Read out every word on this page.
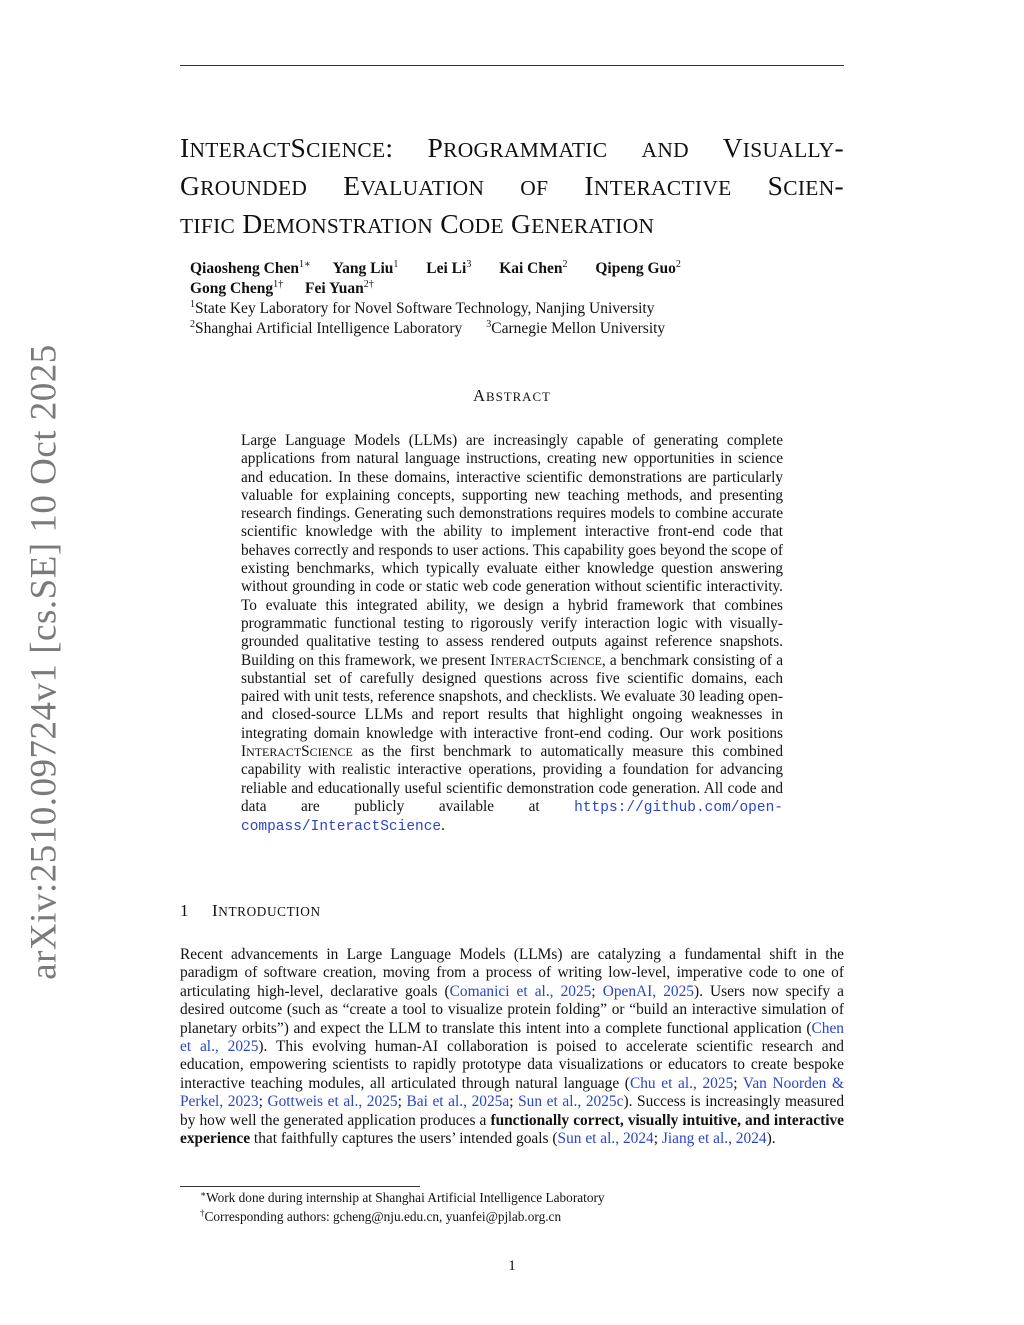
arXiv:2510.09724v1 [cs.SE] 10 Oct 2025
INTERACTSCIENCE: PROGRAMMATIC AND VISUALLY-
GROUNDED EVALUATION OF INTERACTIVE SCIEN-
TIFIC DEMONSTRATION CODE GENERATION
Qiaosheng Chen$^{1∗}$ Yang Liu$^1$ Lei Li$^3$ Kai Chen$^2$ Qipeng Guo$^2$
Gong Cheng$^{1\dagger}$ Fei Yuan$^{2\dagger}$
$^1$State Key Laboratory for Novel Software Technology, Nanjing University
$^2$Shanghai Artificial Intelligence Laboratory $^3$Carnegie Mellon University
ABSTRACT
Large Language Models (LLMs) are increasingly capable of generating complete applications from natural language instructions, creating new opportunities in science and education. In these domains, interactive scientific demonstrations are particularly valuable for explaining concepts, supporting new teaching methods, and presenting research findings. Generating such demonstrations requires models to combine accurate scientific knowledge with the ability to implement interactive front-end code that behaves correctly and responds to user actions. This capability goes beyond the scope of existing benchmarks, which typically evaluate either knowledge question answering without grounding in code or static web code generation without scientific interactivity. To evaluate this integrated ability, we design a hybrid framework that combines programmatic functional testing to rigorously verify interaction logic with visually-grounded qualitative testing to assess rendered outputs against reference snapshots. Building on this framework, we present INTERACTSCIENCE, a benchmark consisting of a substantial set of carefully designed questions across five scientific domains, each paired with unit tests, reference snapshots, and checklists. We evaluate 30 leading open- and closed-source LLMs and report results that highlight ongoing weaknesses in integrating domain knowledge with interactive front-end coding. Our work positions INTERACTSCIENCE as the first benchmark to automatically measure this combined capability with realistic interactive operations, providing a foundation for advancing reliable and educationally useful scientific demonstration code generation. All code and data are publicly available at https://github.com/open-compass/InteractScience.
1 INTRODUCTION
Recent advancements in Large Language Models (LLMs) are catalyzing a fundamental shift in the paradigm of software creation, moving from a process of writing low-level, imperative code to one of articulating high-level, declarative goals (Comanici et al., 2025; OpenAI, 2025). Users now specify a desired outcome (such as “create a tool to visualize protein folding” or “build an interactive simulation of planetary orbits”) and expect the LLM to translate this intent into a complete functional application (Chen et al., 2025). This evolving human-AI collaboration is poised to accelerate scientific research and education, empowering scientists to rapidly prototype data visualizations or educators to create bespoke interactive teaching modules, all articulated through natural language (Chu et al., 2025; Van Noorden & Perkel, 2023; Gottweis et al., 2025; Bai et al., 2025a; Sun et al., 2025c). Success is increasingly measured by how well the generated application produces a functionally correct, visually intuitive, and interactive experience that faithfully captures the users’ intended goals (Sun et al., 2024; Jiang et al., 2024).
∗Work done during internship at Shanghai Artificial Intelligence Laboratory
†Corresponding authors: gcheng@nju.edu.cn, yuanfei@pjlab.org.cn
1
